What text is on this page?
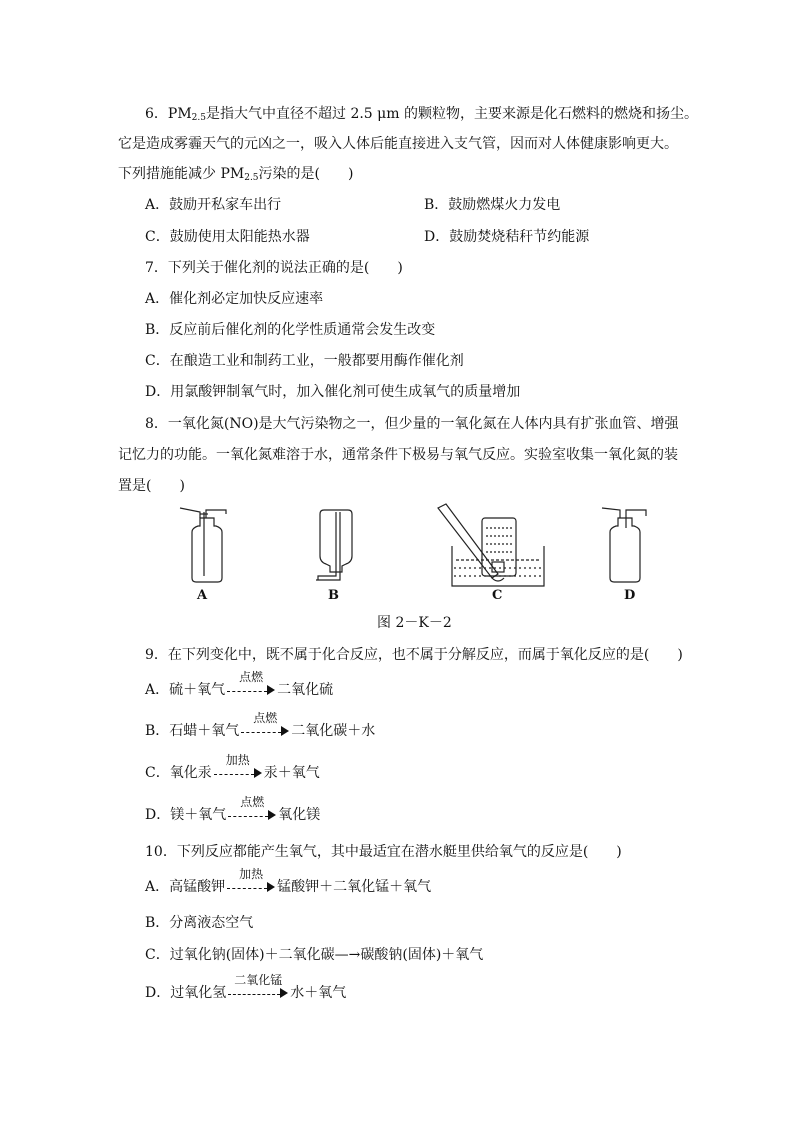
6．$PM_{2.5}$是指大气中直径不超过 2.5 μm 的颗粒物，主要来源是化石燃料的燃烧和扬尘。
它是造成雾霾天气的元凶之一，吸入人体后能直接进入支气管，因而对人体健康影响更大。
下列措施能减少 $PM_{2.5}$污染的是(　　)
A．鼓励开私家车出行	B．鼓励燃煤火力发电
C．鼓励使用太阳能热水器	D．鼓励焚烧秸秆节约能源
7．下列关于催化剂的说法正确的是(　　)
A．催化剂必定加快反应速率
B．反应前后催化剂的化学性质通常会发生改变
C．在酿造工业和制药工业，一般都要用酶作催化剂
D．用氯酸钾制氧气时，加入催化剂可使生成氧气的质量增加
8．一氧化氮(NO)是大气污染物之一，但少量的一氧化氮在人体内具有扩张血管、增强
记忆力的功能。一氧化氮难溶于水，通常条件下极易与氧气反应。实验室收集一氧化氮的装
置是(　　)
A	B	C	D
图 2－K－2
9．在下列变化中，既不属于化合反应，也不属于分解反应，而属于氧化反应的是(　　)
A．硫＋氧气
点燃
二氧化硫
B．石蜡＋氧气
点燃
二氧化碳＋水
C．氧化汞
加热
汞＋氧气
D．镁＋氧气
点燃
氧化镁
10．下列反应都能产生氧气，其中最适宜在潜水艇里供给氧气的反应是(　　)
A．高锰酸钾
加热
锰酸钾＋二氧化锰＋氧气
B．分离液态空气
C．过氧化钠(固体)＋二氧化碳—→碳酸钠(固体)＋氧气
D．过氧化氢
二氧化锰
水＋氧气
